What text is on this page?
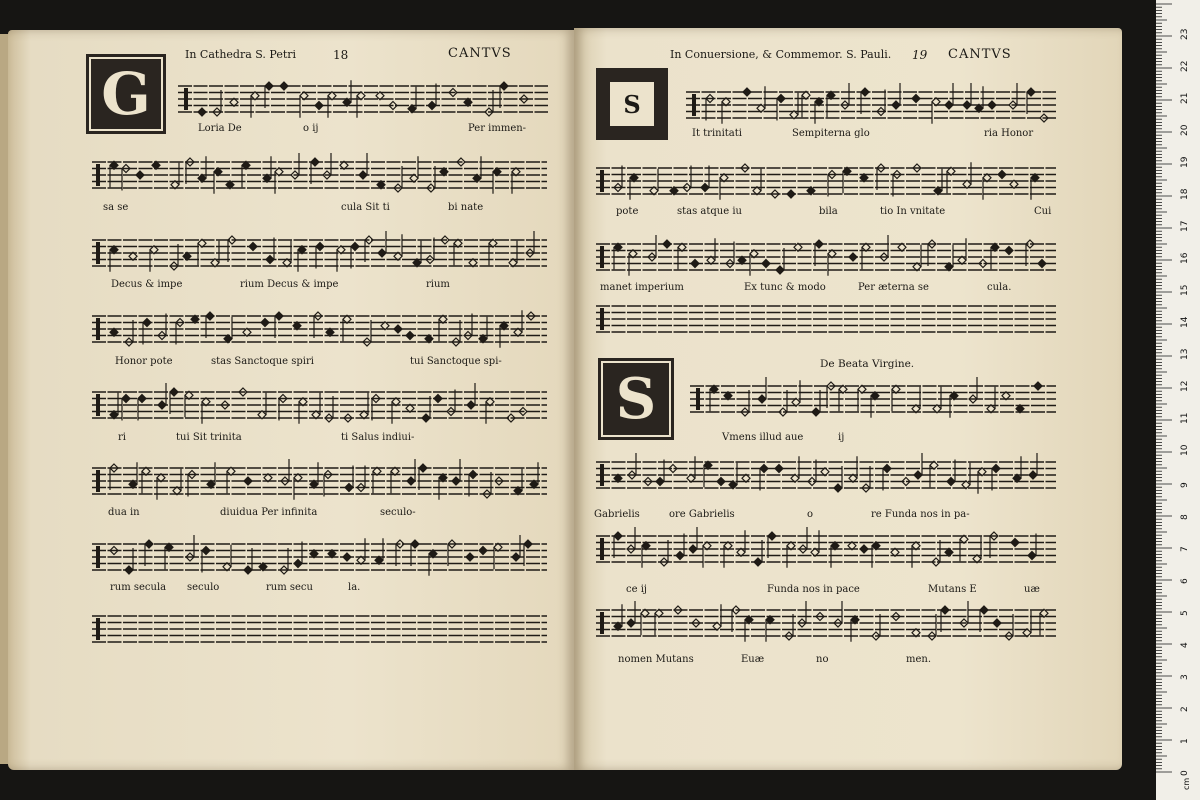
G
In Cathedra S. Petri	18	CANTVS
Loria De	o ij	Per immen-
sa se	cula Sit ti	bi nate
Decus & impe	rium Decus & impe	rium
Honor pote	stas Sanctoque spiri	tui Sanctoque spi-
ri	tui Sit trinita	ti Salus indiui-
dua in	diuidua Per infinita	seculo-
rum secula seculo	rum secu	la.
S
In Conuersione, & Commemor. S. Pauli. 19 CANTVS
It trinitati	Sempiterna glo	ria Honor
pote	stas atque iu	bila	tio In vnitate	Cui
manet imperium	Ex tunc & modo	Per æterna se	cula.
S
De Beata Virgine.
Vmens illud aue	ij
Gabrielis	ore Gabrielis	o	re Funda nos in pa-
ce ij	Funda nos in pace	Mutans E	uæ
nomen Mutans	Euæ	no	men.
0
1
2
3
4
5
6
7
8
9
10
11
12
13
14
15
16
17
18
19
20
21
22
23
cm
